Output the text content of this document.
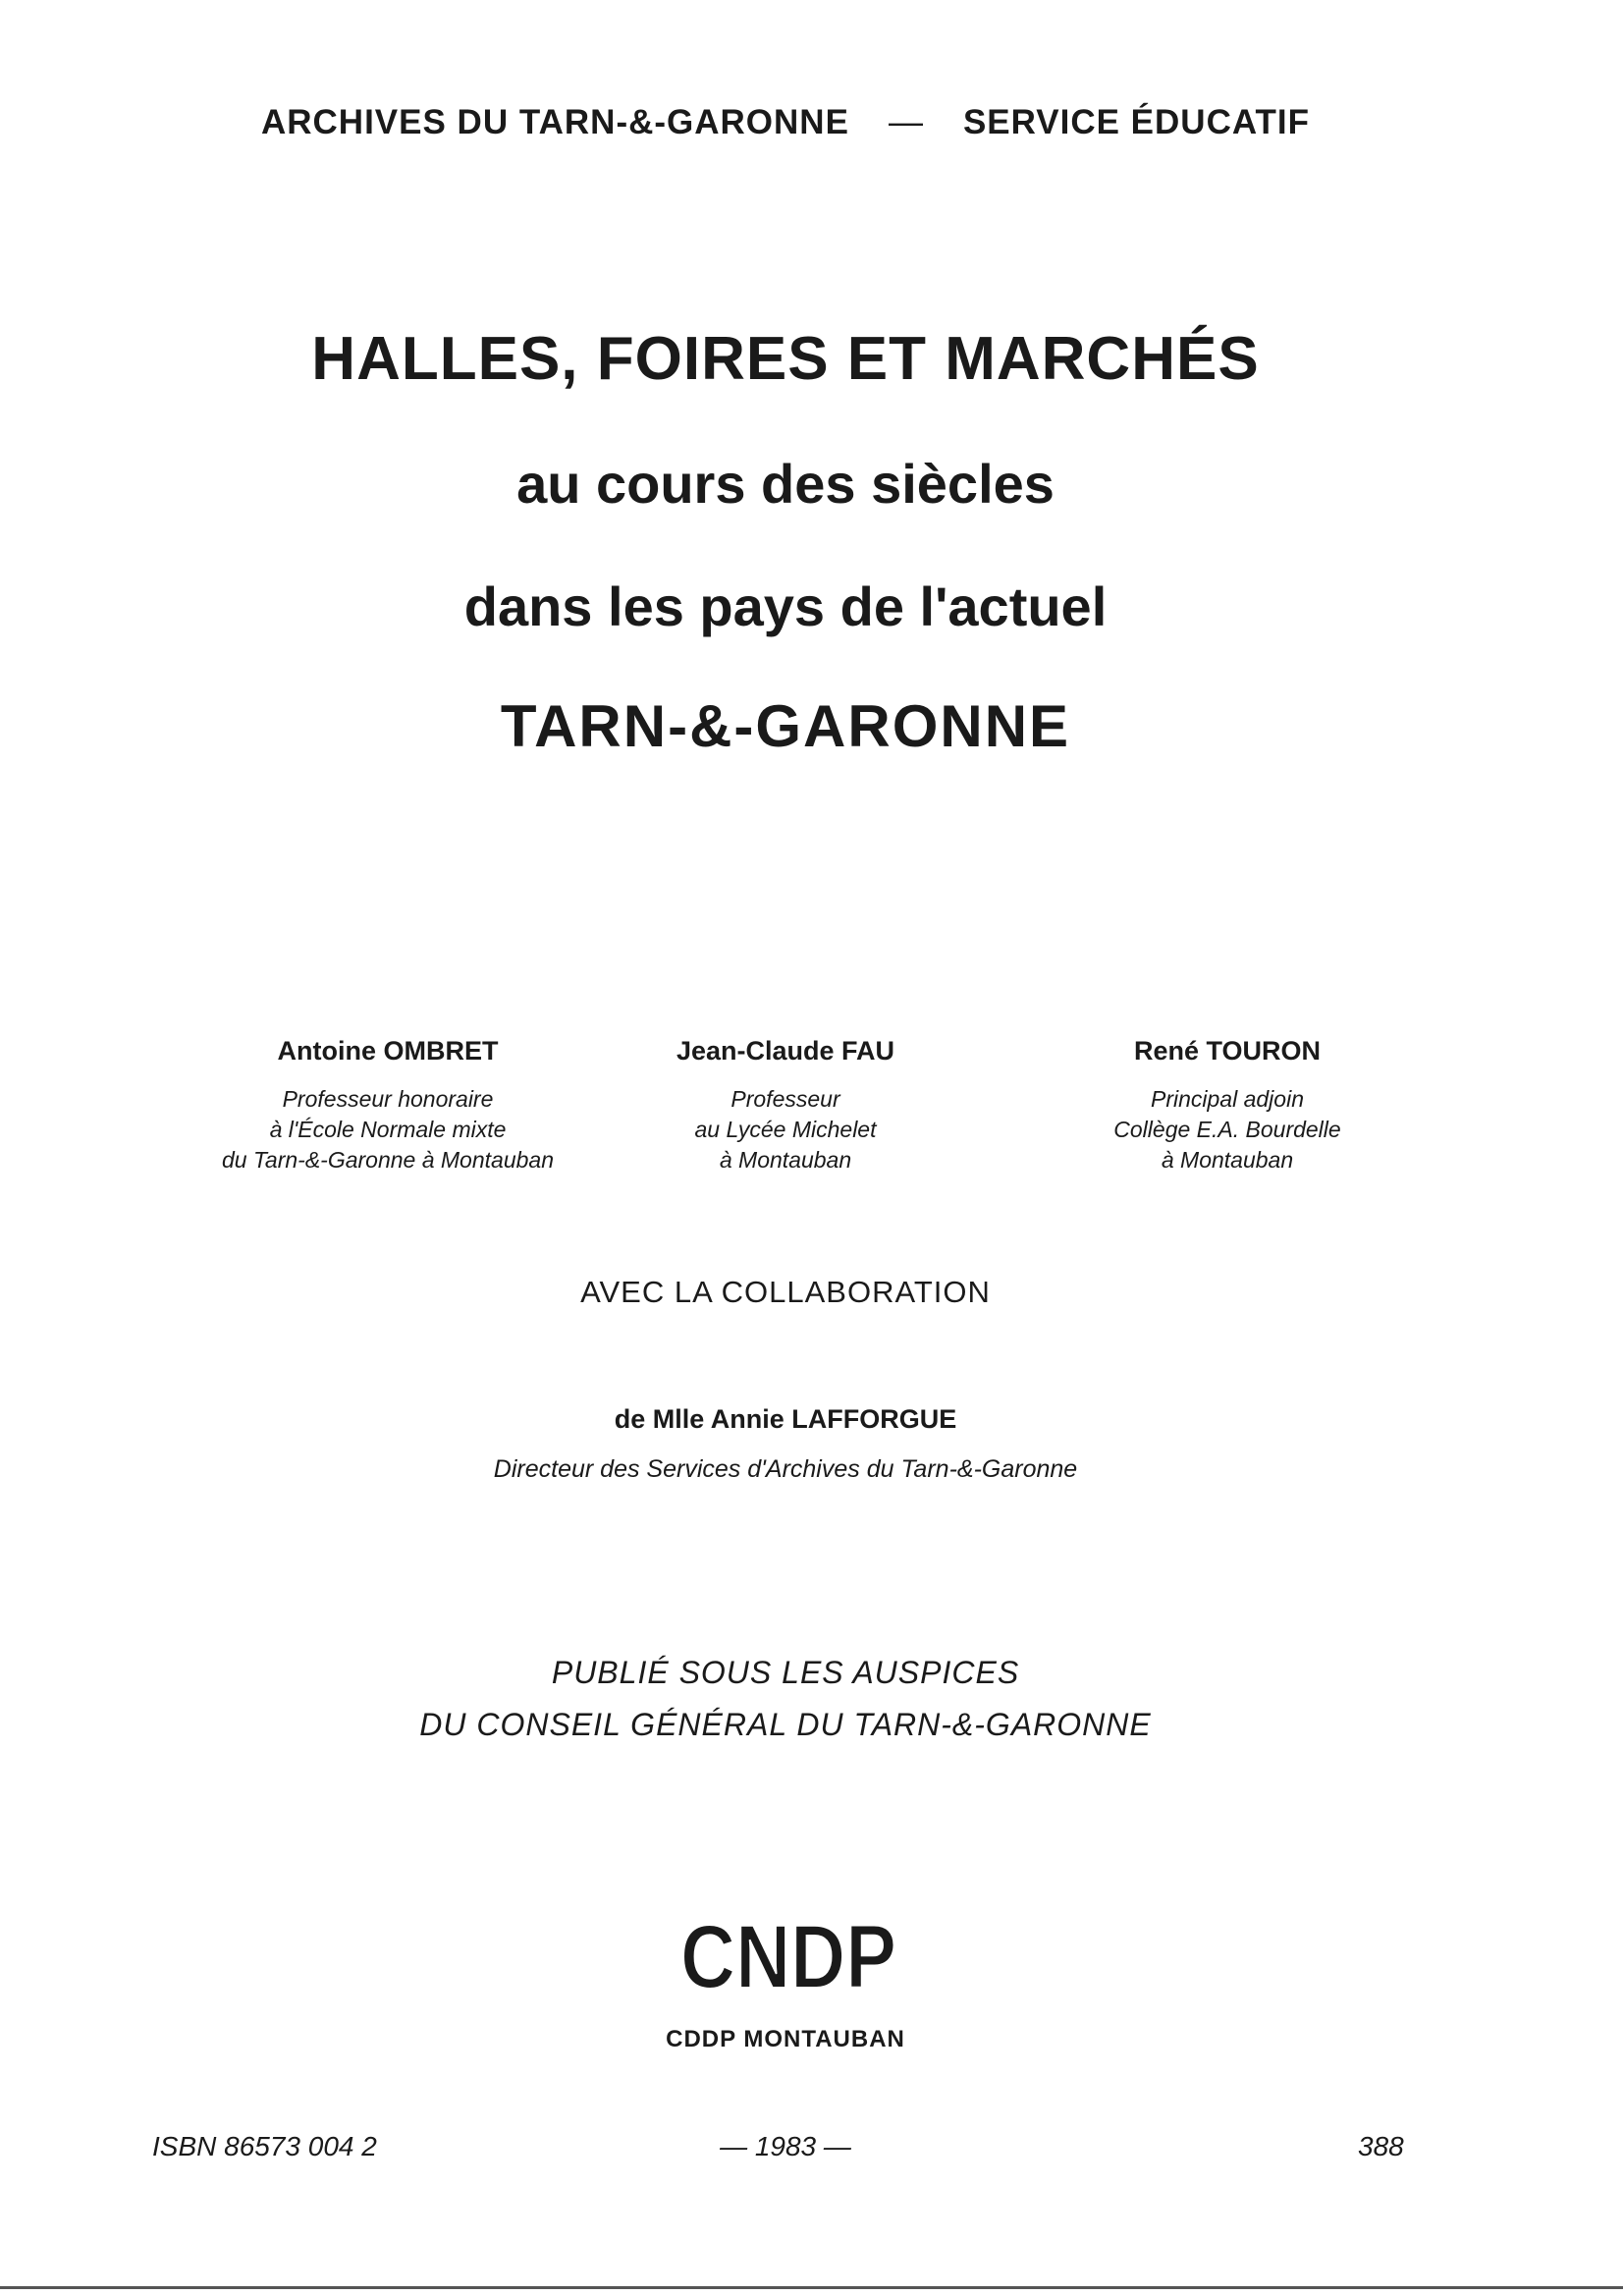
ARCHIVES DU TARN-&-GARONNE — SERVICE ÉDUCATIF
HALLES, FOIRES ET MARCHÉS
au cours des siècles
dans les pays de l'actuel
TARN-&-GARONNE
Antoine OMBRET
Professeur honoraire
à l'École Normale mixte
du Tarn-&-Garonne à Montauban
Jean-Claude FAU
Professeur
au Lycée Michelet
à Montauban
René TOURON
Principal adjoin
Collège E.A. Bourdelle
à Montauban
AVEC LA COLLABORATION
de Mlle Annie LAFFORGUE
Directeur des Services d'Archives du Tarn-&-Garonne
PUBLIÉ SOUS LES AUSPICES
DU CONSEIL GÉNÉRAL DU TARN-&-GARONNE
CNDP
CDDP MONTAUBAN
ISBN 86573 004 2	— 1983 —	388
